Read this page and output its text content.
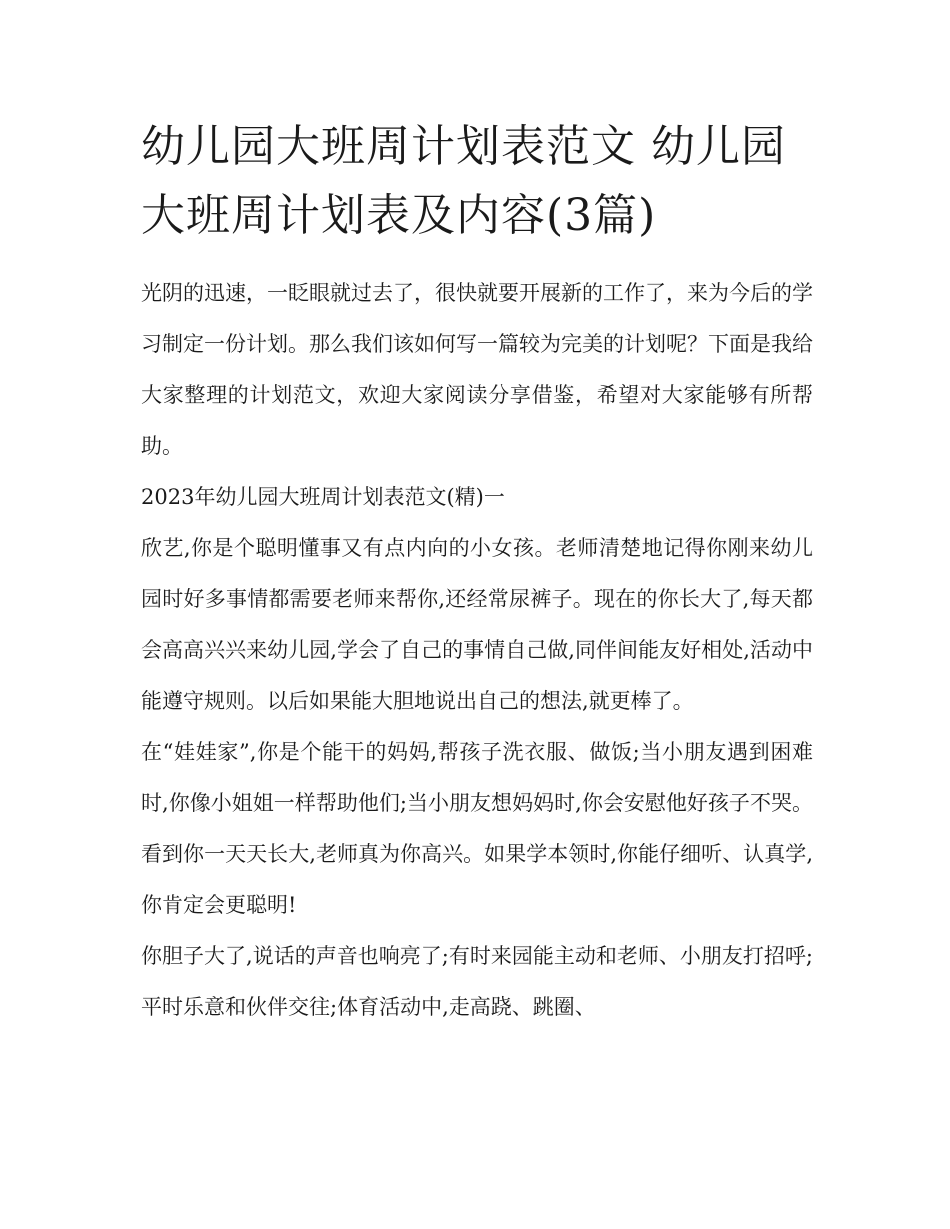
幼儿园大班周计划表范文 幼儿园大班周计划表及内容(3篇)

光阴的迅速，一眨眼就过去了，很快就要开展新的工作了，来为今后的学习制定一份计划。那么我们该如何写一篇较为完美的计划呢？下面是我给大家整理的计划范文，欢迎大家阅读分享借鉴，希望对大家能够有所帮助。

2023年幼儿园大班周计划表范文(精)一

欣艺,你是个聪明懂事又有点内向的小女孩。老师清楚地记得你刚来幼儿园时好多事情都需要老师来帮你,还经常尿裤子。现在的你长大了,每天都会高高兴兴来幼儿园,学会了自己的事情自己做,同伴间能友好相处,活动中能遵守规则。以后如果能大胆地说出自己的想法,就更棒了。

在“娃娃家”,你是个能干的妈妈,帮孩子洗衣服、做饭;当小朋友遇到困难时,你像小姐姐一样帮助他们;当小朋友想妈妈时,你会安慰他好孩子不哭。看到你一天天长大,老师真为你高兴。如果学本领时,你能仔细听、认真学,你肯定会更聪明!

你胆子大了,说话的声音也响亮了;有时来园能主动和老师、小朋友打招呼;平时乐意和伙伴交往;体育活动中,走高跷、跳圈、
